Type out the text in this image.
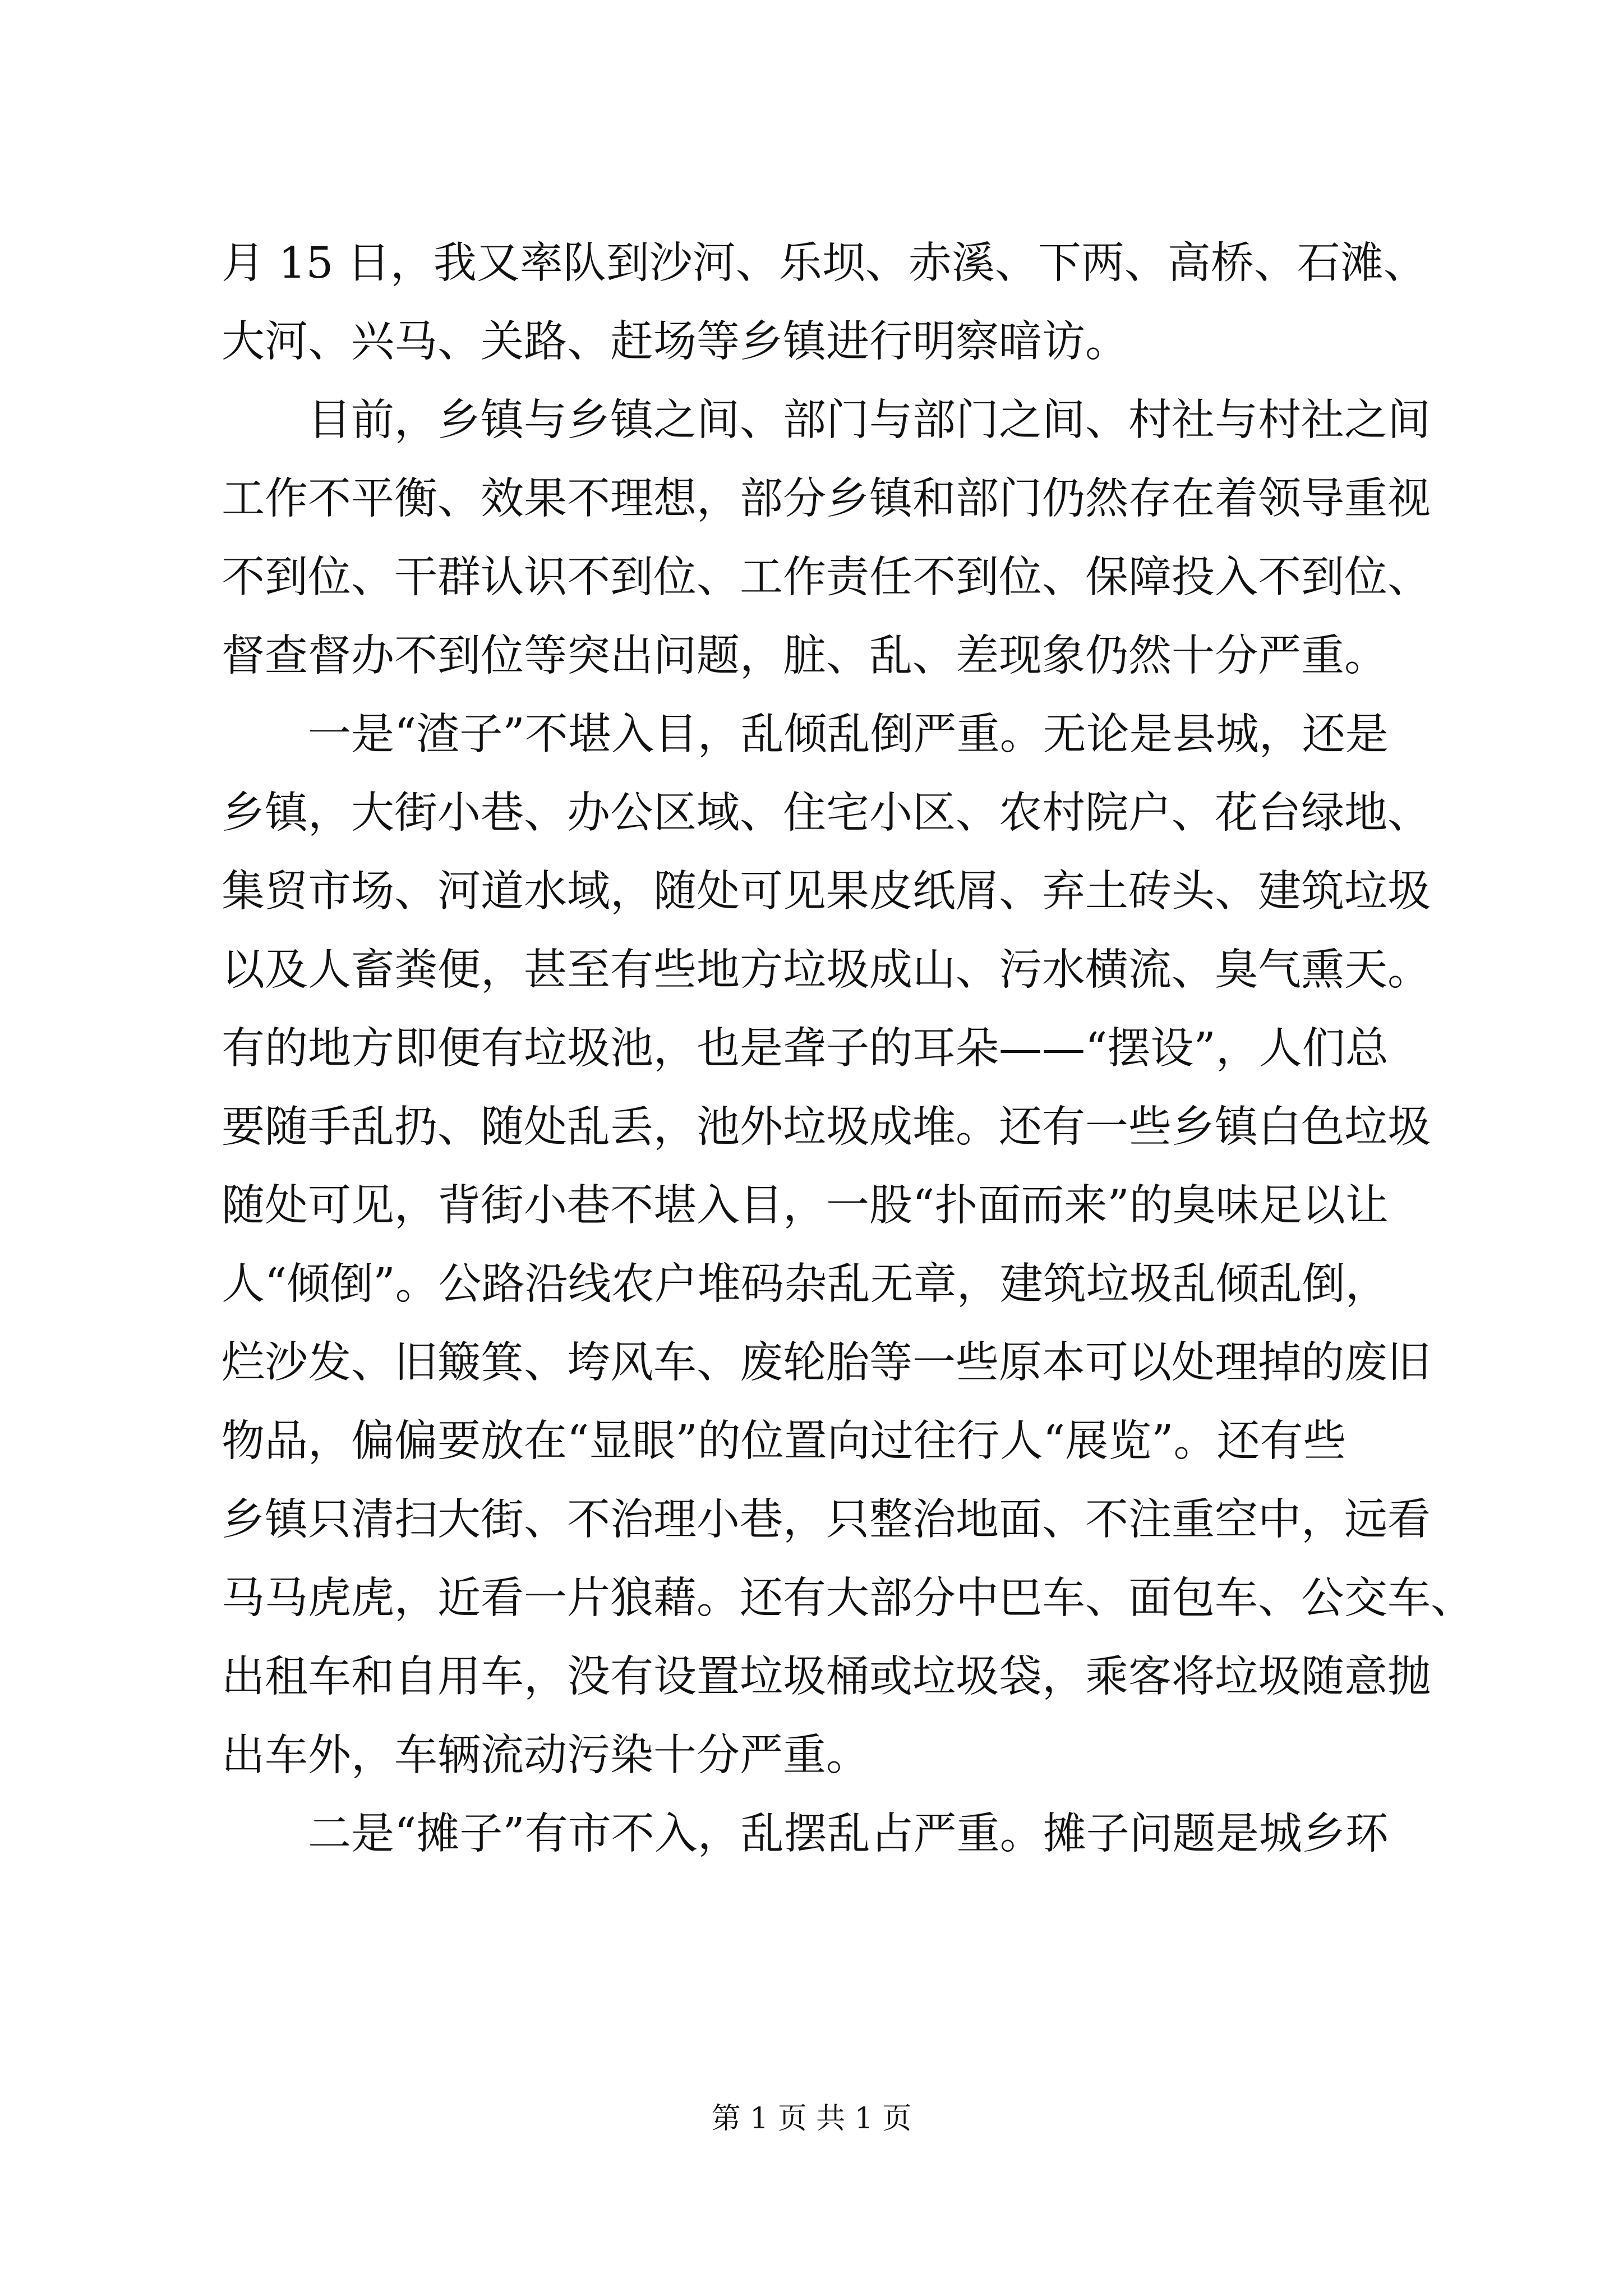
月 15 日，我又率队到沙河、乐坝、赤溪、下两、高桥、石滩、
大河、兴马、关路、赶场等乡镇进行明察暗访。
目前，乡镇与乡镇之间、部门与部门之间、村社与村社之间
工作不平衡、效果不理想，部分乡镇和部门仍然存在着领导重视
不到位、干群认识不到位、工作责任不到位、保障投入不到位、
督查督办不到位等突出问题，脏、乱、差现象仍然十分严重。
一是“渣子”不堪入目，乱倾乱倒严重。无论是县城，还是
乡镇，大街小巷、办公区域、住宅小区、农村院户、花台绿地、
集贸市场、河道水域，随处可见果皮纸屑、弃土砖头、建筑垃圾
以及人畜粪便，甚至有些地方垃圾成山、污水横流、臭气熏天。
有的地方即便有垃圾池，也是聋子的耳朵——“摆设”，人们总
要随手乱扔、随处乱丢，池外垃圾成堆。还有一些乡镇白色垃圾
随处可见，背街小巷不堪入目，一股“扑面而来”的臭味足以让
人“倾倒”。公路沿线农户堆码杂乱无章，建筑垃圾乱倾乱倒，
烂沙发、旧簸箕、垮风车、废轮胎等一些原本可以处理掉的废旧
物品，偏偏要放在“显眼”的位置向过往行人“展览”。还有些
乡镇只清扫大街、不治理小巷，只整治地面、不注重空中，远看
马马虎虎，近看一片狼藉。还有大部分中巴车、面包车、公交车、
出租车和自用车，没有设置垃圾桶或垃圾袋，乘客将垃圾随意抛
出车外，车辆流动污染十分严重。
二是“摊子”有市不入，乱摆乱占严重。摊子问题是城乡环
第 1 页 共 1 页
